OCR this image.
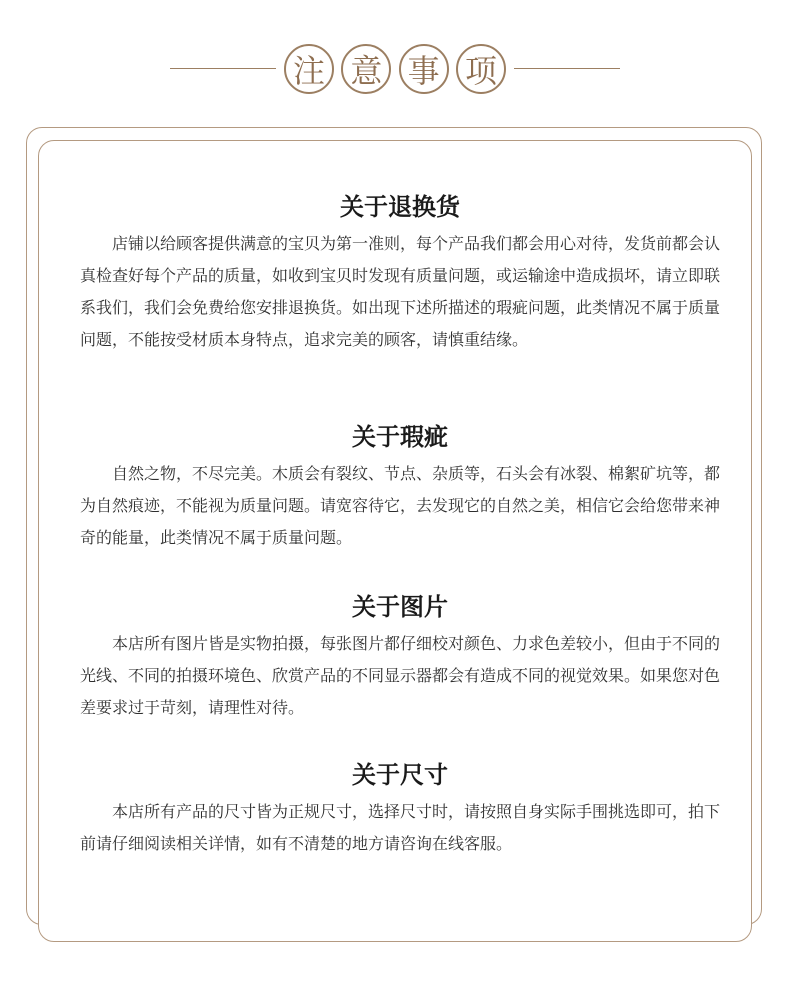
注 意 事 项
关于退换货

店铺以给顾客提供满意的宝贝为第一准则，每个产品我们都会用心对待，发货前都会认真检查好每个产品的质量，如收到宝贝时发现有质量问题，或运输途中造成损坏，请立即联系我们，我们会免费给您安排退换货。如出现下述所描述的瑕疵问题，此类情况不属于质量问题，不能按受材质本身特点，追求完美的顾客，请慎重结缘。

关于瑕疵

自然之物，不尽完美。木质会有裂纹、节点、杂质等，石头会有冰裂、棉絮矿坑等，都为自然痕迹，不能视为质量问题。请宽容待它，去发现它的自然之美，相信它会给您带来神奇的能量，此类情况不属于质量问题。

关于图片

本店所有图片皆是实物拍摄，每张图片都仔细校对颜色、力求色差较小，但由于不同的光线、不同的拍摄环境色、欣赏产品的不同显示器都会有造成不同的视觉效果。如果您对色差要求过于苛刻，请理性对待。

关于尺寸

本店所有产品的尺寸皆为正规尺寸，选择尺寸时，请按照自身实际手围挑选即可，拍下前请仔细阅读相关详情，如有不清楚的地方请咨询在线客服。
